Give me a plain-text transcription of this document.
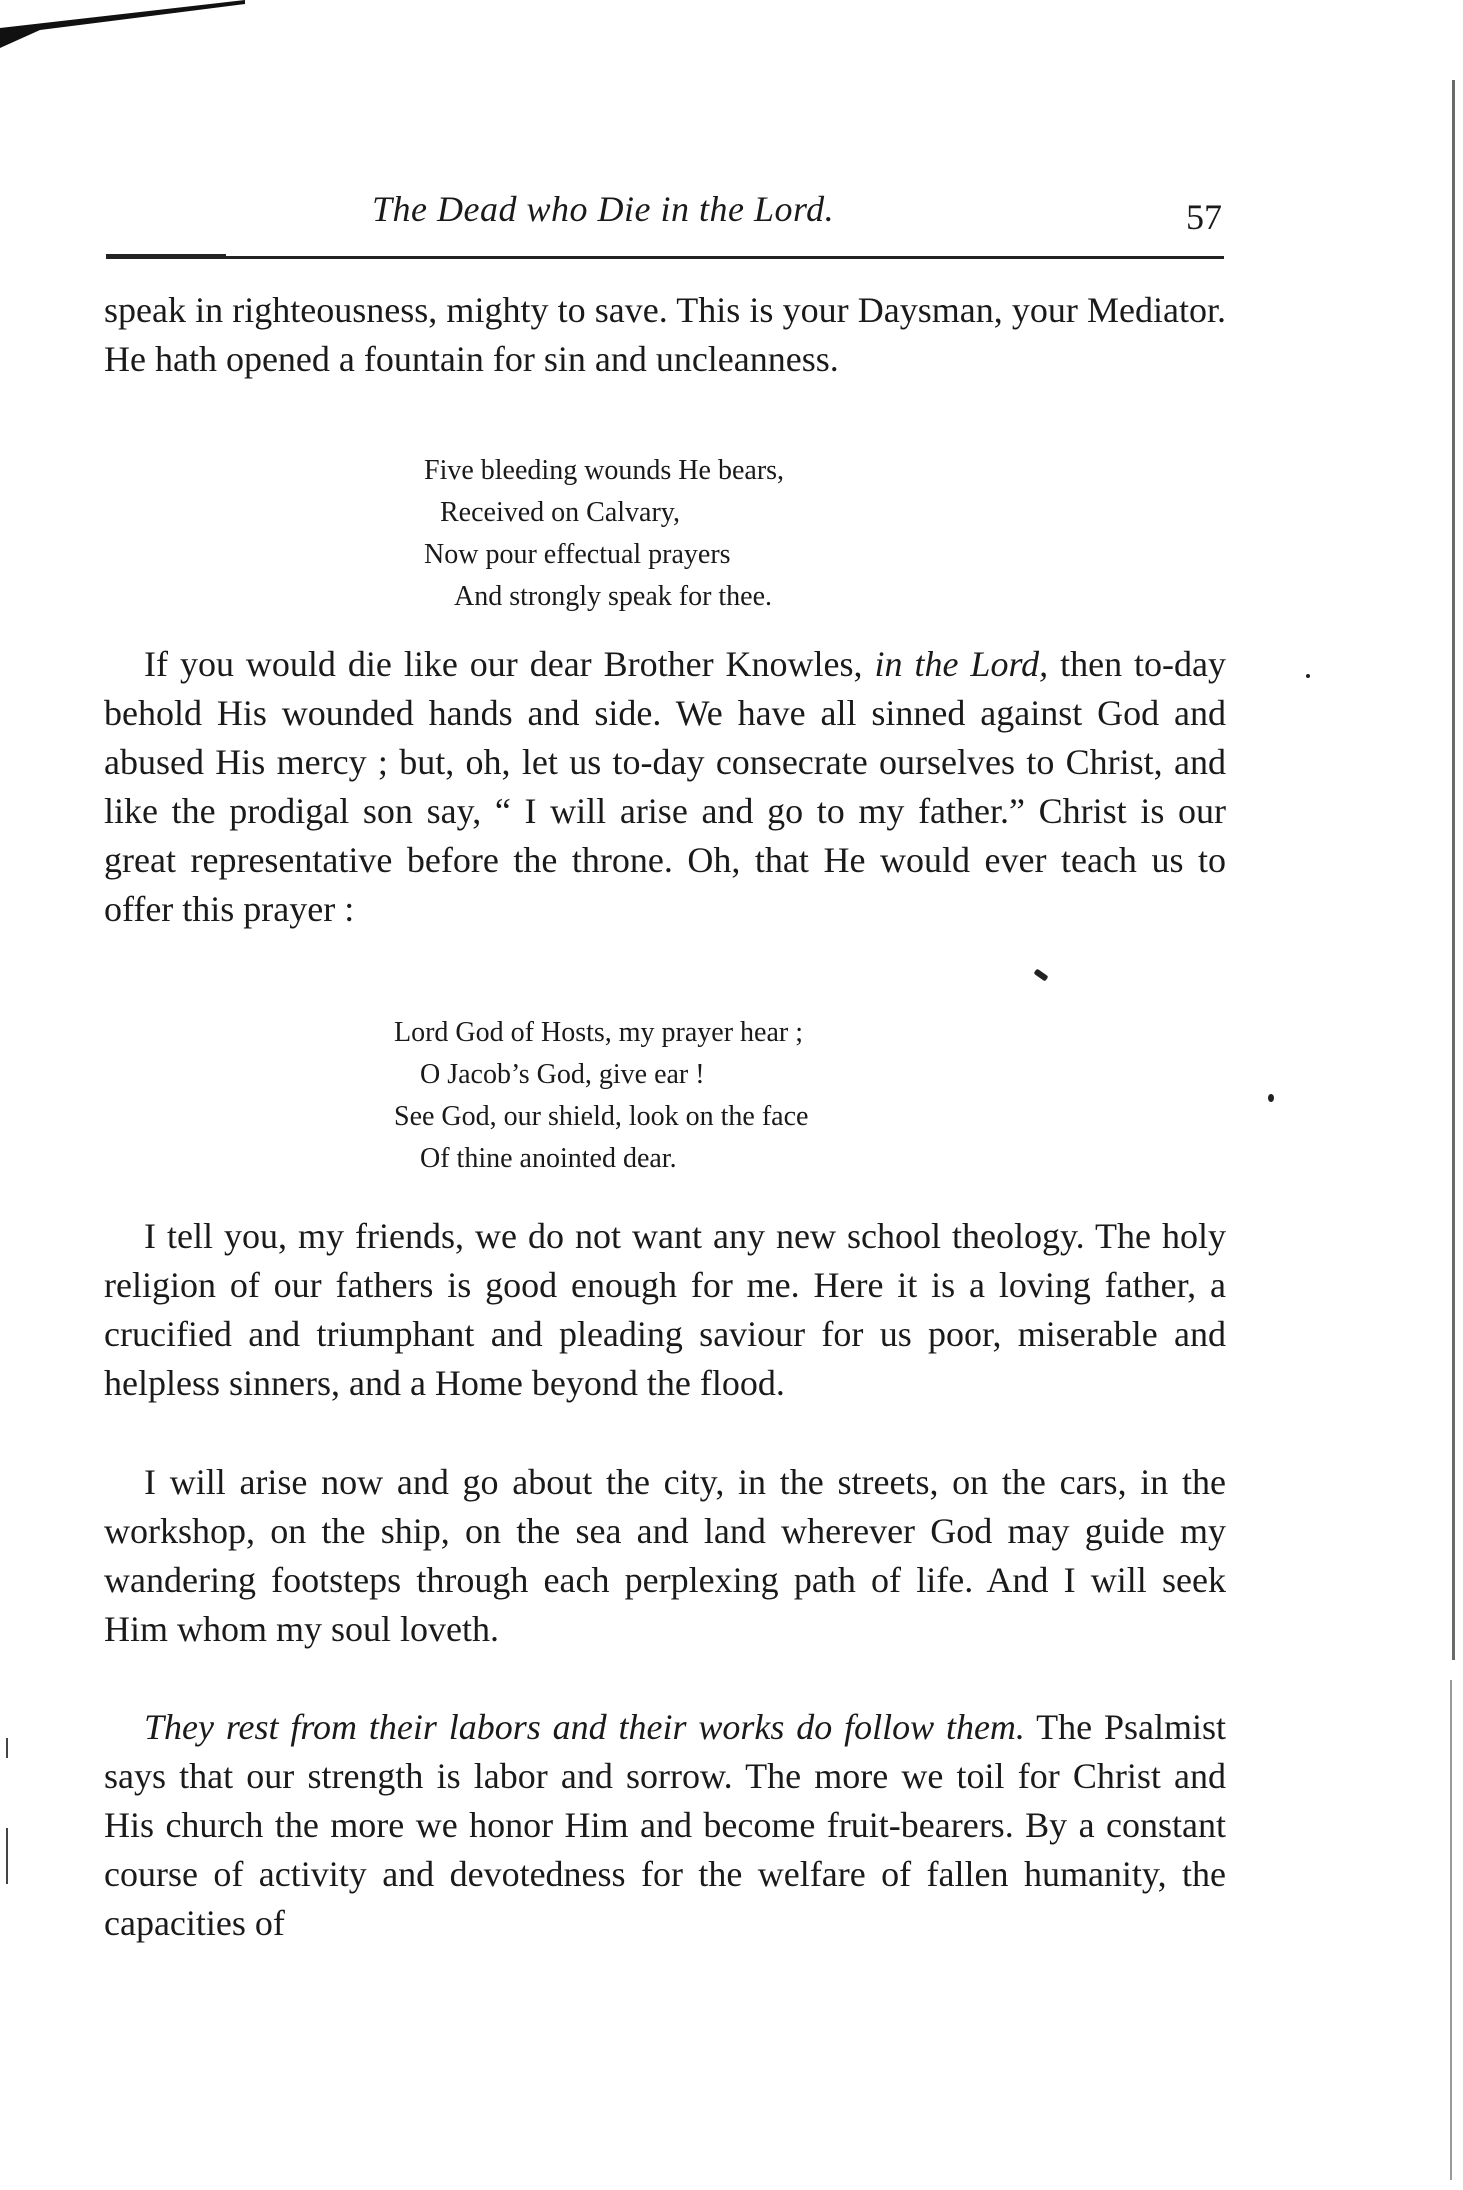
The Dead who Die in the Lord.	57

speak in righteousness, mighty to save. This is your Daysman, your Mediator. He hath opened a fountain for sin and uncleanness.

Five bleeding wounds He bears,
Received on Calvary,
Now pour effectual prayers
And strongly speak for thee.

If you would die like our dear Brother Knowles, in the Lord, then to-day behold His wounded hands and side. We have all sinned against God and abused His mercy ; but, oh, let us to-day consecrate ourselves to Christ, and like the prodigal son say, “ I will arise and go to my father.” Christ is our great representative before the throne. Oh, that He would ever teach us to offer this prayer :

Lord God of Hosts, my prayer hear ;
O Jacob’s God, give ear !
See God, our shield, look on the face
Of thine anointed dear.

I tell you, my friends, we do not want any new school theology. The holy religion of our fathers is good enough for me. Here it is a loving father, a crucified and triumphant and pleading saviour for us poor, miserable and helpless sinners, and a Home beyond the flood.

I will arise now and go about the city, in the streets, on the cars, in the workshop, on the ship, on the sea and land wherever God may guide my wandering footsteps through each perplexing path of life. And I will seek Him whom my soul loveth.

They rest from their labors and their works do follow them. The Psalmist says that our strength is labor and sorrow. The more we toil for Christ and His church the more we honor Him and become fruit-bearers. By a constant course of activity and devotedness for the welfare of fallen humanity, the capacities of
